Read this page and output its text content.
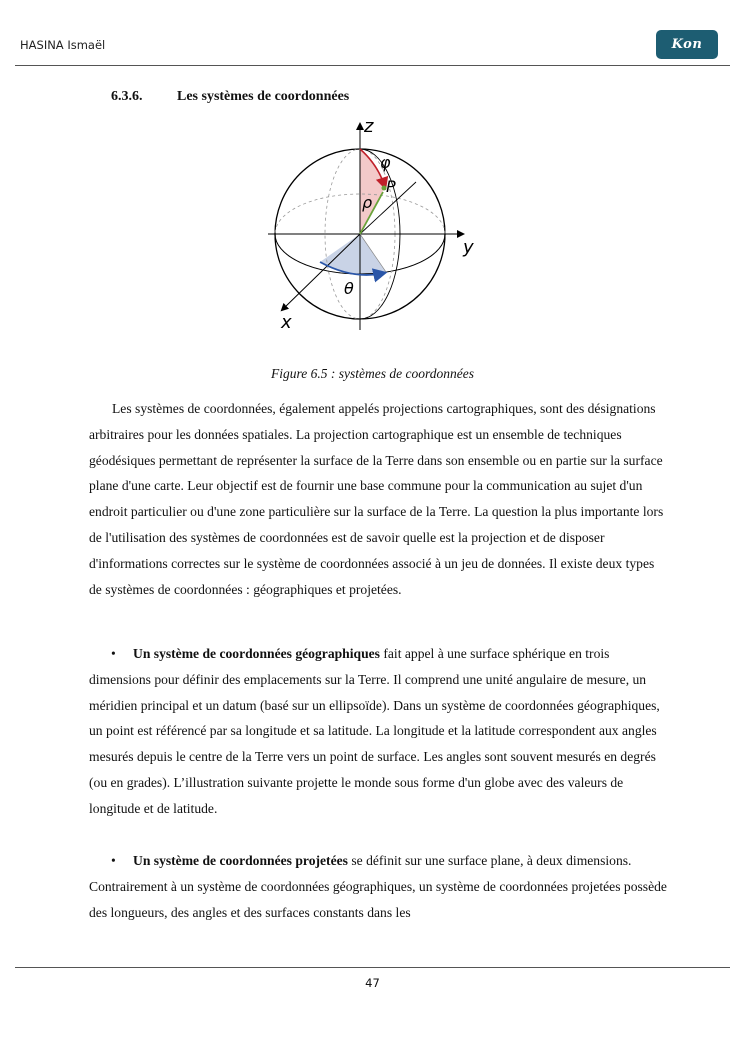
HASINA Ismaël	Kon
6.3.6. Les systèmes de coordonnées
z
y
x
φ
P
ρ
θ
Figure 6.5 : systèmes de coordonnées

Les systèmes de coordonnées, également appelés projections cartographiques, sont des désignations arbitraires pour les données spatiales. La projection cartographique est un ensemble de techniques géodésiques permettant de représenter la surface de la Terre dans son ensemble ou en partie sur la surface plane d'une carte. Leur objectif est de fournir une base commune pour la communication au sujet d'un endroit particulier ou d'une zone particulière sur la surface de la Terre. La question la plus importante lors de l'utilisation des systèmes de coordonnées est de savoir quelle est la projection et de disposer d'informations correctes sur le système de coordonnées associé à un jeu de données. Il existe deux types de systèmes de coordonnées : géographiques et projetées.

• Un système de coordonnées géographiques fait appel à une surface sphérique en trois dimensions pour définir des emplacements sur la Terre. Il comprend une unité angulaire de mesure, un méridien principal et un datum (basé sur un ellipsoïde). Dans un système de coordonnées géographiques, un point est référencé par sa longitude et sa latitude. La longitude et la latitude correspondent aux angles mesurés depuis le centre de la Terre vers un point de surface. Les angles sont souvent mesurés en degrés (ou en grades). L’illustration suivante projette le monde sous forme d'un globe avec des valeurs de longitude et de latitude.

• Un système de coordonnées projetées se définit sur une surface plane, à deux dimensions. Contrairement à un système de coordonnées géographiques, un système de coordonnées projetées possède des longueurs, des angles et des surfaces constants dans les

47
